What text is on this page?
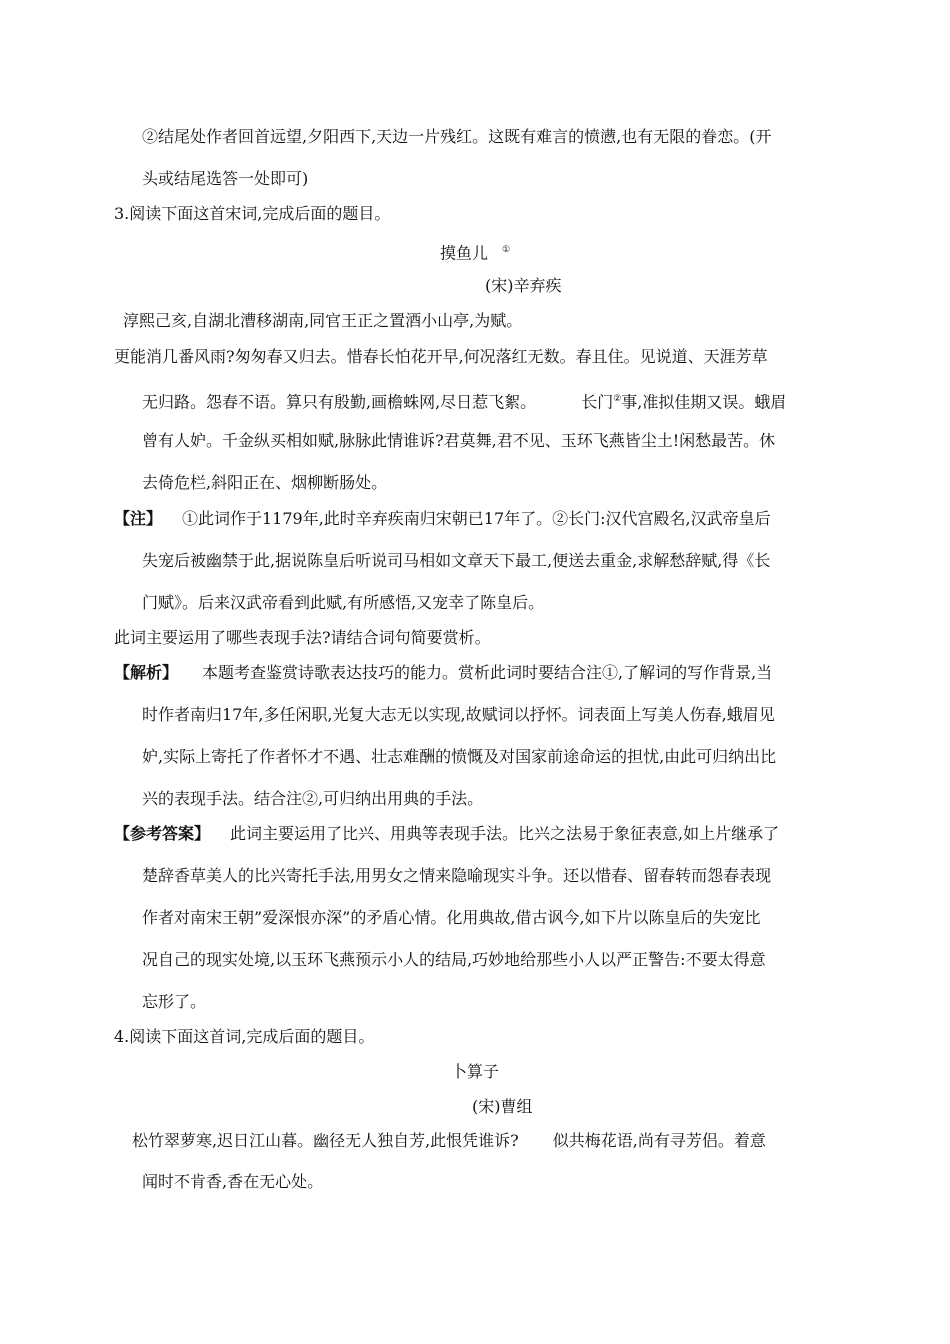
②结尾处作者回首远望,夕阳西下,天边一片残红。这既有难言的愤懑,也有无限的眷恋。(开
头或结尾选答一处即可)
3.阅读下面这首宋词,完成后面的题目。
摸鱼儿 ①
(宋)辛弃疾
淳熙己亥,自湖北漕移湖南,同官王正之置酒小山亭,为赋。
更能消几番风雨?匆匆春又归去。惜春长怕花开早,何况落红无数。春且住。见说道、天涯芳草
无归路。怨春不语。算只有殷勤,画檐蛛网,尽日惹飞絮。	长门②事,准拟佳期又误。蛾眉
曾有人妒。千金纵买相如赋,脉脉此情谁诉?君莫舞,君不见、玉环飞燕皆尘土!闲愁最苦。休
去倚危栏,斜阳正在、烟柳断肠处。
【注】 ①此词作于1179年,此时辛弃疾南归宋朝已17年了。②长门:汉代宫殿名,汉武帝皇后
失宠后被幽禁于此,据说陈皇后听说司马相如文章天下最工,便送去重金,求解愁辞赋,得《长
门赋》。后来汉武帝看到此赋,有所感悟,又宠幸了陈皇后。
此词主要运用了哪些表现手法?请结合词句简要赏析。
【解析】 本题考查鉴赏诗歌表达技巧的能力。赏析此词时要结合注①,了解词的写作背景,当
时作者南归17年,多任闲职,光复大志无以实现,故赋词以抒怀。词表面上写美人伤春,蛾眉见
妒,实际上寄托了作者怀才不遇、壮志难酬的愤慨及对国家前途命运的担忧,由此可归纳出比
兴的表现手法。结合注②,可归纳出用典的手法。
【参考答案】 此词主要运用了比兴、用典等表现手法。比兴之法易于象征表意,如上片继承了
楚辞香草美人的比兴寄托手法,用男女之情来隐喻现实斗争。还以惜春、留春转而怨春表现
作者对南宋王朝”爱深恨亦深”的矛盾心情。化用典故,借古讽今,如下片以陈皇后的失宠比
况自己的现实处境,以玉环飞燕预示小人的结局,巧妙地给那些小人以严正警告:不要太得意
忘形了。
4.阅读下面这首词,完成后面的题目。
卜算子
(宋)曹组
松竹翠萝寒,迟日江山暮。幽径无人独自芳,此恨凭谁诉? 似共梅花语,尚有寻芳侣。着意
闻时不肯香,香在无心处。
